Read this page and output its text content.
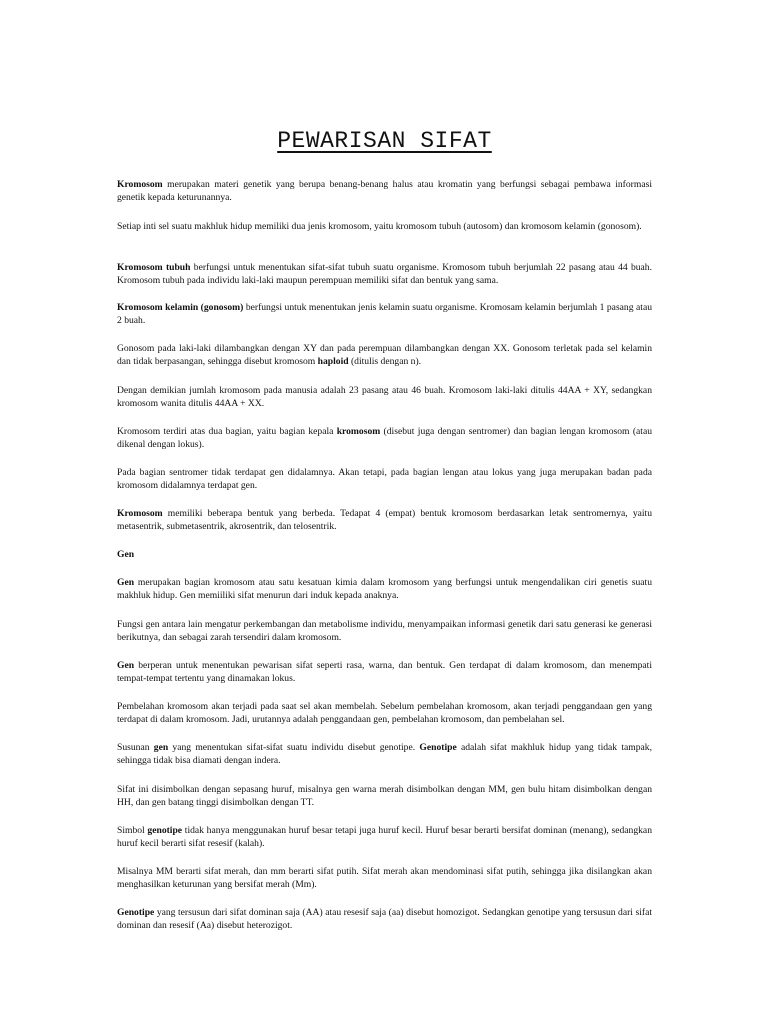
PEWARISAN SIFAT

Kromosom merupakan materi genetik yang berupa benang-benang halus atau kromatin yang berfungsi sebagai pembawa informasi genetik kepada keturunannya.

Setiap inti sel suatu makhluk hidup memiliki dua jenis kromosom, yaitu kromosom tubuh (autosom) dan kromosom kelamin (gonosom).

Kromosom tubuh berfungsi untuk menentukan sifat-sifat tubuh suatu organisme. Kromosom tubuh berjumlah 22 pasang atau 44 buah. Kromosom tubuh pada individu laki-laki maupun perempuan memiliki sifat dan bentuk yang sama.

Kromosom kelamin (gonosom) berfungsi untuk menentukan jenis kelamin suatu organisme. Kromosam kelamin berjumlah 1 pasang atau 2 buah.

Gonosom pada laki-laki dilambangkan dengan XY dan pada perempuan dilambangkan dengan XX. Gonosom terletak pada sel kelamin dan tidak berpasangan, sehingga disebut kromosom haploid (ditulis dengan n).

Dengan demikian jumlah kromosom pada manusia adalah 23 pasang atau 46 buah. Kromosom laki-laki ditulis 44AA + XY, sedangkan kromosom wanita ditulis 44AA + XX.

Kromosom terdiri atas dua bagian, yaitu bagian kepala kromosom (disebut juga dengan sentromer) dan bagian lengan kromosom (atau dikenal dengan lokus).

Pada bagian sentromer tidak terdapat gen didalamnya. Akan tetapi, pada bagian lengan atau lokus yang juga merupakan badan pada kromosom didalamnya terdapat gen.

Kromosom memiliki beberapa bentuk yang berbeda. Tedapat 4 (empat) bentuk kromosom berdasarkan letak sentromernya, yaitu metasentrik, submetasentrik, akrosentrik, dan telosentrik.

Gen

Gen merupakan bagian kromosom atau satu kesatuan kimia dalam kromosom yang berfungsi untuk mengendalikan ciri genetis suatu makhluk hidup. Gen memiiliki sifat menurun dari induk kepada anaknya.

Fungsi gen antara lain mengatur perkembangan dan metabolisme individu, menyampaikan informasi genetik dari satu generasi ke generasi berikutnya, dan sebagai zarah tersendiri dalam kromosom.

Gen berperan untuk menentukan pewarisan sifat seperti rasa, warna, dan bentuk. Gen terdapat di dalam kromosom, dan menempati tempat-tempat tertentu yang dinamakan lokus.

Pembelahan kromosom akan terjadi pada saat sel akan membelah. Sebelum pembelahan kromosom, akan terjadi penggandaan gen yang terdapat di dalam kromosom. Jadi, urutannya adalah penggandaan gen, pembelahan kromosom, dan pembelahan sel.

Susunan gen yang menentukan sifat-sifat suatu individu disebut genotipe. Genotipe adalah sifat makhluk hidup yang tidak tampak, sehingga tidak bisa diamati dengan indera.

Sifat ini disimbolkan dengan sepasang huruf, misalnya gen warna merah disimbolkan dengan MM, gen bulu hitam disimbolkan dengan HH, dan gen batang tinggi disimbolkan dengan TT.

Simbol genotipe tidak hanya menggunakan huruf besar tetapi juga huruf kecil. Huruf besar berarti bersifat dominan (menang), sedangkan huruf kecil berarti sifat resesif (kalah).

Misalnya MM berarti sifat merah, dan mm berarti sifat putih. Sifat merah akan mendominasi sifat putih, sehingga jika disilangkan akan menghasilkan keturunan yang bersifat merah (Mm).

Genotipe yang tersusun dari sifat dominan saja (AA) atau resesif saja (aa) disebut homozigot. Sedangkan genotipe yang tersusun dari sifat dominan dan resesif (Aa) disebut heterozigot.
